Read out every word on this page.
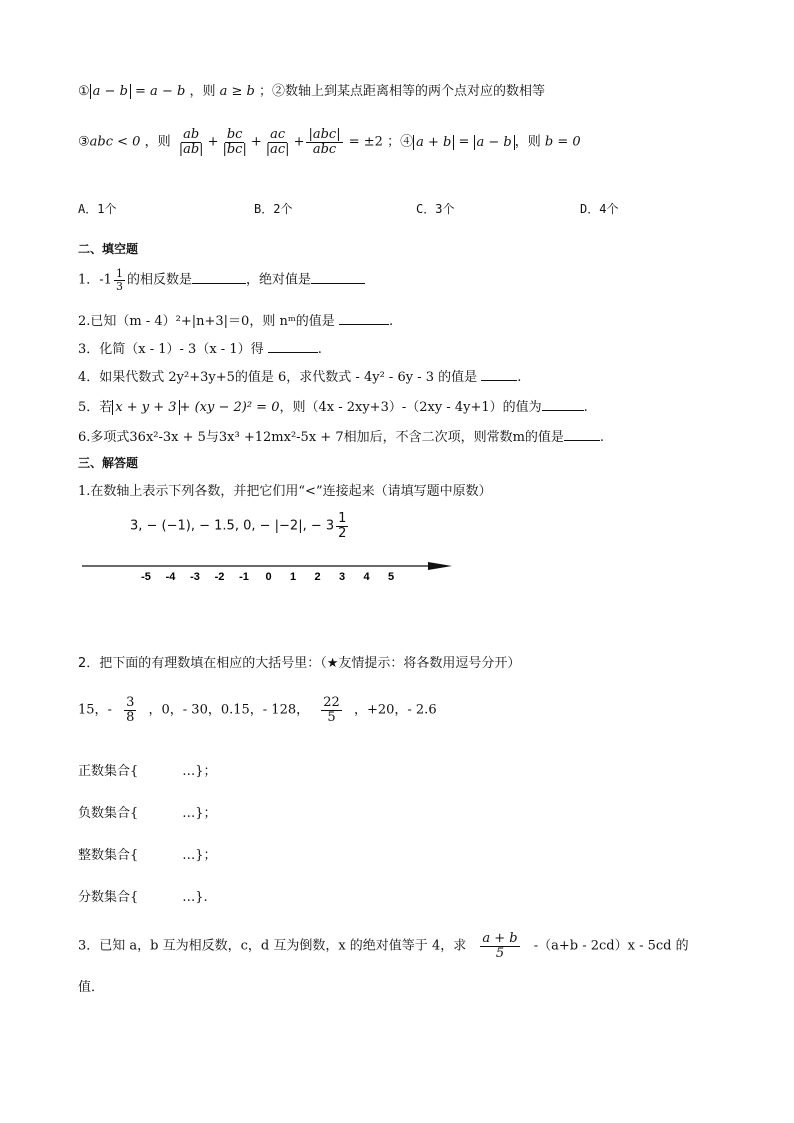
① a − b = a − b ，则 a ≥ b ；②数轴上到某点距离相等的两个点对应的数相等
③abc < 0 ，则 $\frac{ab}{|ab|} + \frac{bc}{|bc|} + \frac{ac}{|ac|} + \frac{\text{|abc|}}{\text{abc}} = \pm 2$ ；④ a + b = a − b ，则 b = 0
A．1个	B．2个	C．3个	D．4个
二、填空题
1．$-1 \frac{1}{3}$ 的相反数是	，绝对值是
2.已知（m - 4）²+|n+3|＝0，则 nᵐ的值是	.
3．化简（x - 1）- 3（x - 1）得	.
4．如果代数式 2y²+3y+5的值是 6，求代数式 - 4y² - 6y - 3 的值是	.
5．若 x + y + 3 + (xy − 2)² = 0，则（4x - 2xy+3）-（2xy - 4y+1）的值为	.
6.多项式36x²-3x + 5与3x³ +12mx²-5x + 7相加后，不含二次项，则常数m的值是	.
三、解答题
1.在数轴上表示下列各数，并把它们用“<”连接起来（请填写题中原数）
3, − (−1), − 1.5, 0, − |−2|, − $3 \frac{1}{2}$
-5 -4 -3 -2 -1 0 1 2 3 4 5
2．把下面的有理数填在相应的大括号里：（★友情提示：将各数用逗号分开）
15，- $\frac{3}{8}$ ，0，- 30，0.15，- 128， $\frac{22}{5}$ ，+20，- 2.6
正数集合{	…}；
负数集合{	…}；
整数集合{	…}；
分数集合{	…}.
3．已知 a，b 互为相反数，c，d 互为倒数，x 的绝对值等于 4，求 $\frac{a + b}{5} -(a+b - 2cd)x - 5cd$ 的
值．
